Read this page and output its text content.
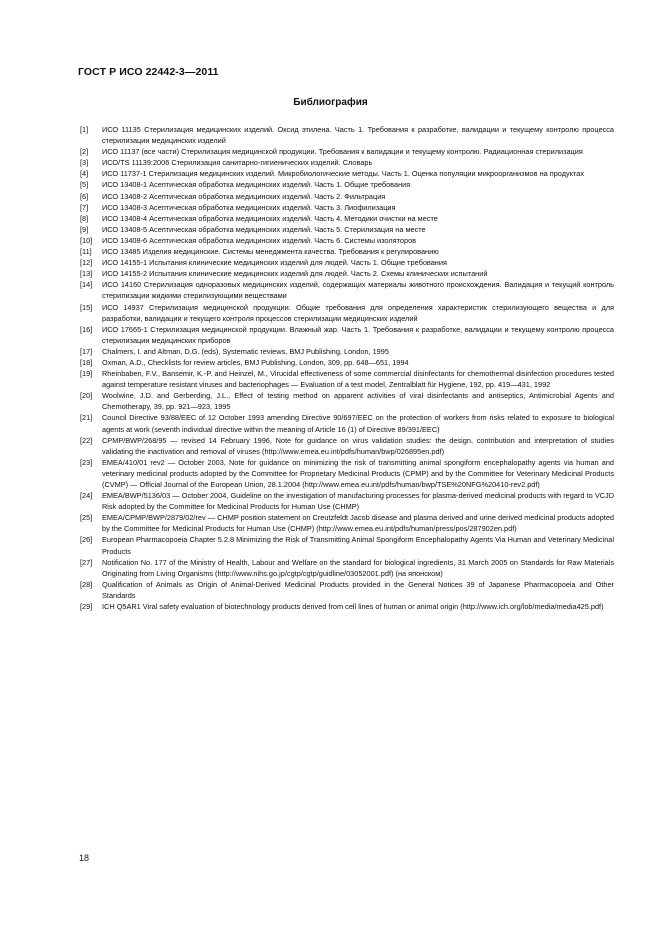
ГОСТ Р ИСО 22442-3—2011
Библиография
[1]	ИСО 11135 Стерилизация медицинских изделий. Оксид этилена. Часть 1. Требования к разработке, валидации и текущему контролю процесса стерилизации медицинских изделий
[2]	ИСО 11137 (все части) Стерилизация медицинской продукции. Требования к валидации и текущему контролю. Радиационная стерилизация
[3]	ИСО/TS 11139:2006 Стерилизация санитарно-гигиенических изделий. Словарь
[4]	ИСО 11737-1 Стерилизация медицинских изделий. Микробиологические методы. Часть 1. Оценка популяции микроорганизмов на продуктах
[5]	ИСО 13408-1 Асептическая обработка медицинских изделий. Часть 1. Общие требования
[6]	ИСО 13408-2 Асептическая обработка медицинских изделий. Часть 2. Фильтрация
[7]	ИСО 13408-3 Асептическая обработка медицинских изделий. Часть 3. Лиофилизация
[8]	ИСО 13408-4 Асептическая обработка медицинских изделий. Часть 4. Методики очистки на месте
[9]	ИСО 13408-5 Асептическая обработка медицинских изделий. Часть 5. Стерилизация на месте
[10]	ИСО 13408-6 Асептическая обработка медицинских изделий. Часть 6. Системы изоляторов
[11]	ИСО 13485 Изделия медицинские. Системы менеджмента качества. Требования к регулированию
[12]	ИСО 14155-1 Испытания клинические медицинских изделий для людей. Часть 1. Общие требования
[13]	ИСО 14155-2 Испытания клинические медицинских изделий для людей. Часть 2. Схемы клинических испытаний
[14]	ИСО 14160 Стерилизация одноразовых медицинских изделий, содержащих материалы животного происхождения. Валидация и текущий контроль стерилизации жидкими стерилизующими веществами
[15]	ИСО 14937 Стерилизация медицинской продукции. Общие требования для определения характеристик стерилизующего вещества и для разработки, валидации и текущего контроля процессов стерилизации медицинских изделий
[16]	ИСО 17665-1 Стерилизация медицинской продукции. Влажный жар. Часть 1. Требования к разработке, валидации и текущему контролю процесса стерилизации медицинских приборов
[17]	Chalmers, I. and Altman, D.G. (eds), Systematic reviews, BMJ Publishing, London, 1995
[18]	Oxman, A.D., Checklists for review articles, BMJ Publishing, London, 309, pp. 648—651, 1994
[19]	Rheinbaben, F.V., Bansemir, K.-P. and Heinzel, M., Virucidal effectiveness of some commercial disinfectants for chemothermal disinfection procedures tested against temperature resistant viruses and bacteriophages — Evaluation of a test model, Zentralblatt für Hygiene, 192, pp. 419—431, 1992
[20]	Woolwine, J.D. and Gerberding, J.L., Effect of testing method on apparent activities of viral disinfectants and antiseptics, Antimicrobial Agents and Chemotherapy, 39, pp. 921—923, 1995
[21]	Council Directive 93/88/EEC of 12 October 1993 amending Directive 90/697/EEC on the protection of workers from risks related to exposure to biological agents at work (seventh individual directive within the meaning of Article 16 (1) of Directive 89/391/EEC)
[22]	CPMP/BWP/268/95 — revised 14 February 1996, Note for guidance on virus validation studies: the design, contribution and interpretation of studies validating the inactivation and removal of viruses (http://www.emea.eu.int/pdfs/human/bwp/026895en.pdf)
[23]	EMEA/410/01 rev2 — October 2003, Note for guidance on minimizing the risk of transmitting animal spongiform encephalopathy agents via human and veterinary medicinal products adopted by the Committee for Proprietary Medicinal Products (CPMP) and by the Committee for Veterinary Medicinal Products (CVMP) — Official Journal of the European Union, 28.1.2004 (http://www.emea.eu.int/pdfs/human/bwp/TSE%20NFG%20410-rev2.pdf)
[24]	EMEA/BWP/5136/03 — October 2004, Guideline on the investigation of manufacturing processes for plasma-derived medicinal products with regard to VCJD Risk adopted by the Committee for Medicinal Products for Human Use (CHMP)
[25]	EMEA/CPMP/BWP/2879/02/rev — CHMP position statement on Creutzfeldt Jacob disease and plasma derived and urine derived medicinal products adopted by the Committee for Medicinal Products for Human Use (CHMP) (http://www.emea.eu.int/pdfs/human/press/pos/287902en.pdf)
[26]	European Pharmacopoeia Chapter 5.2.8 Minimizing the Risk of Transmitting Animal Spongiform Encephalopathy Agents Via Human and Veterinary Medicinal Products
[27]	Notification No. 177 of the Ministry of Health, Labour and Welfare on the standard for biological ingredients, 31 March 2005 on Standards for Raw Materials Originating from Living Organisms (http://www.nihs.go.jp/cgtp/cgtp/guidline/03052001.pdf) (на японском)
[28]	Qualification of Animals as Origin of Animal-Derived Medicinal Products provided in the General Notices 39 of Japanese Pharmacopoeia and Other Standards
[29]	ICH Q5AR1 Viral safety evaluation of biotechnology products derived from cell lines of human or animal origin (http://www.ich.org/lob/media/media425.pdf)
18
